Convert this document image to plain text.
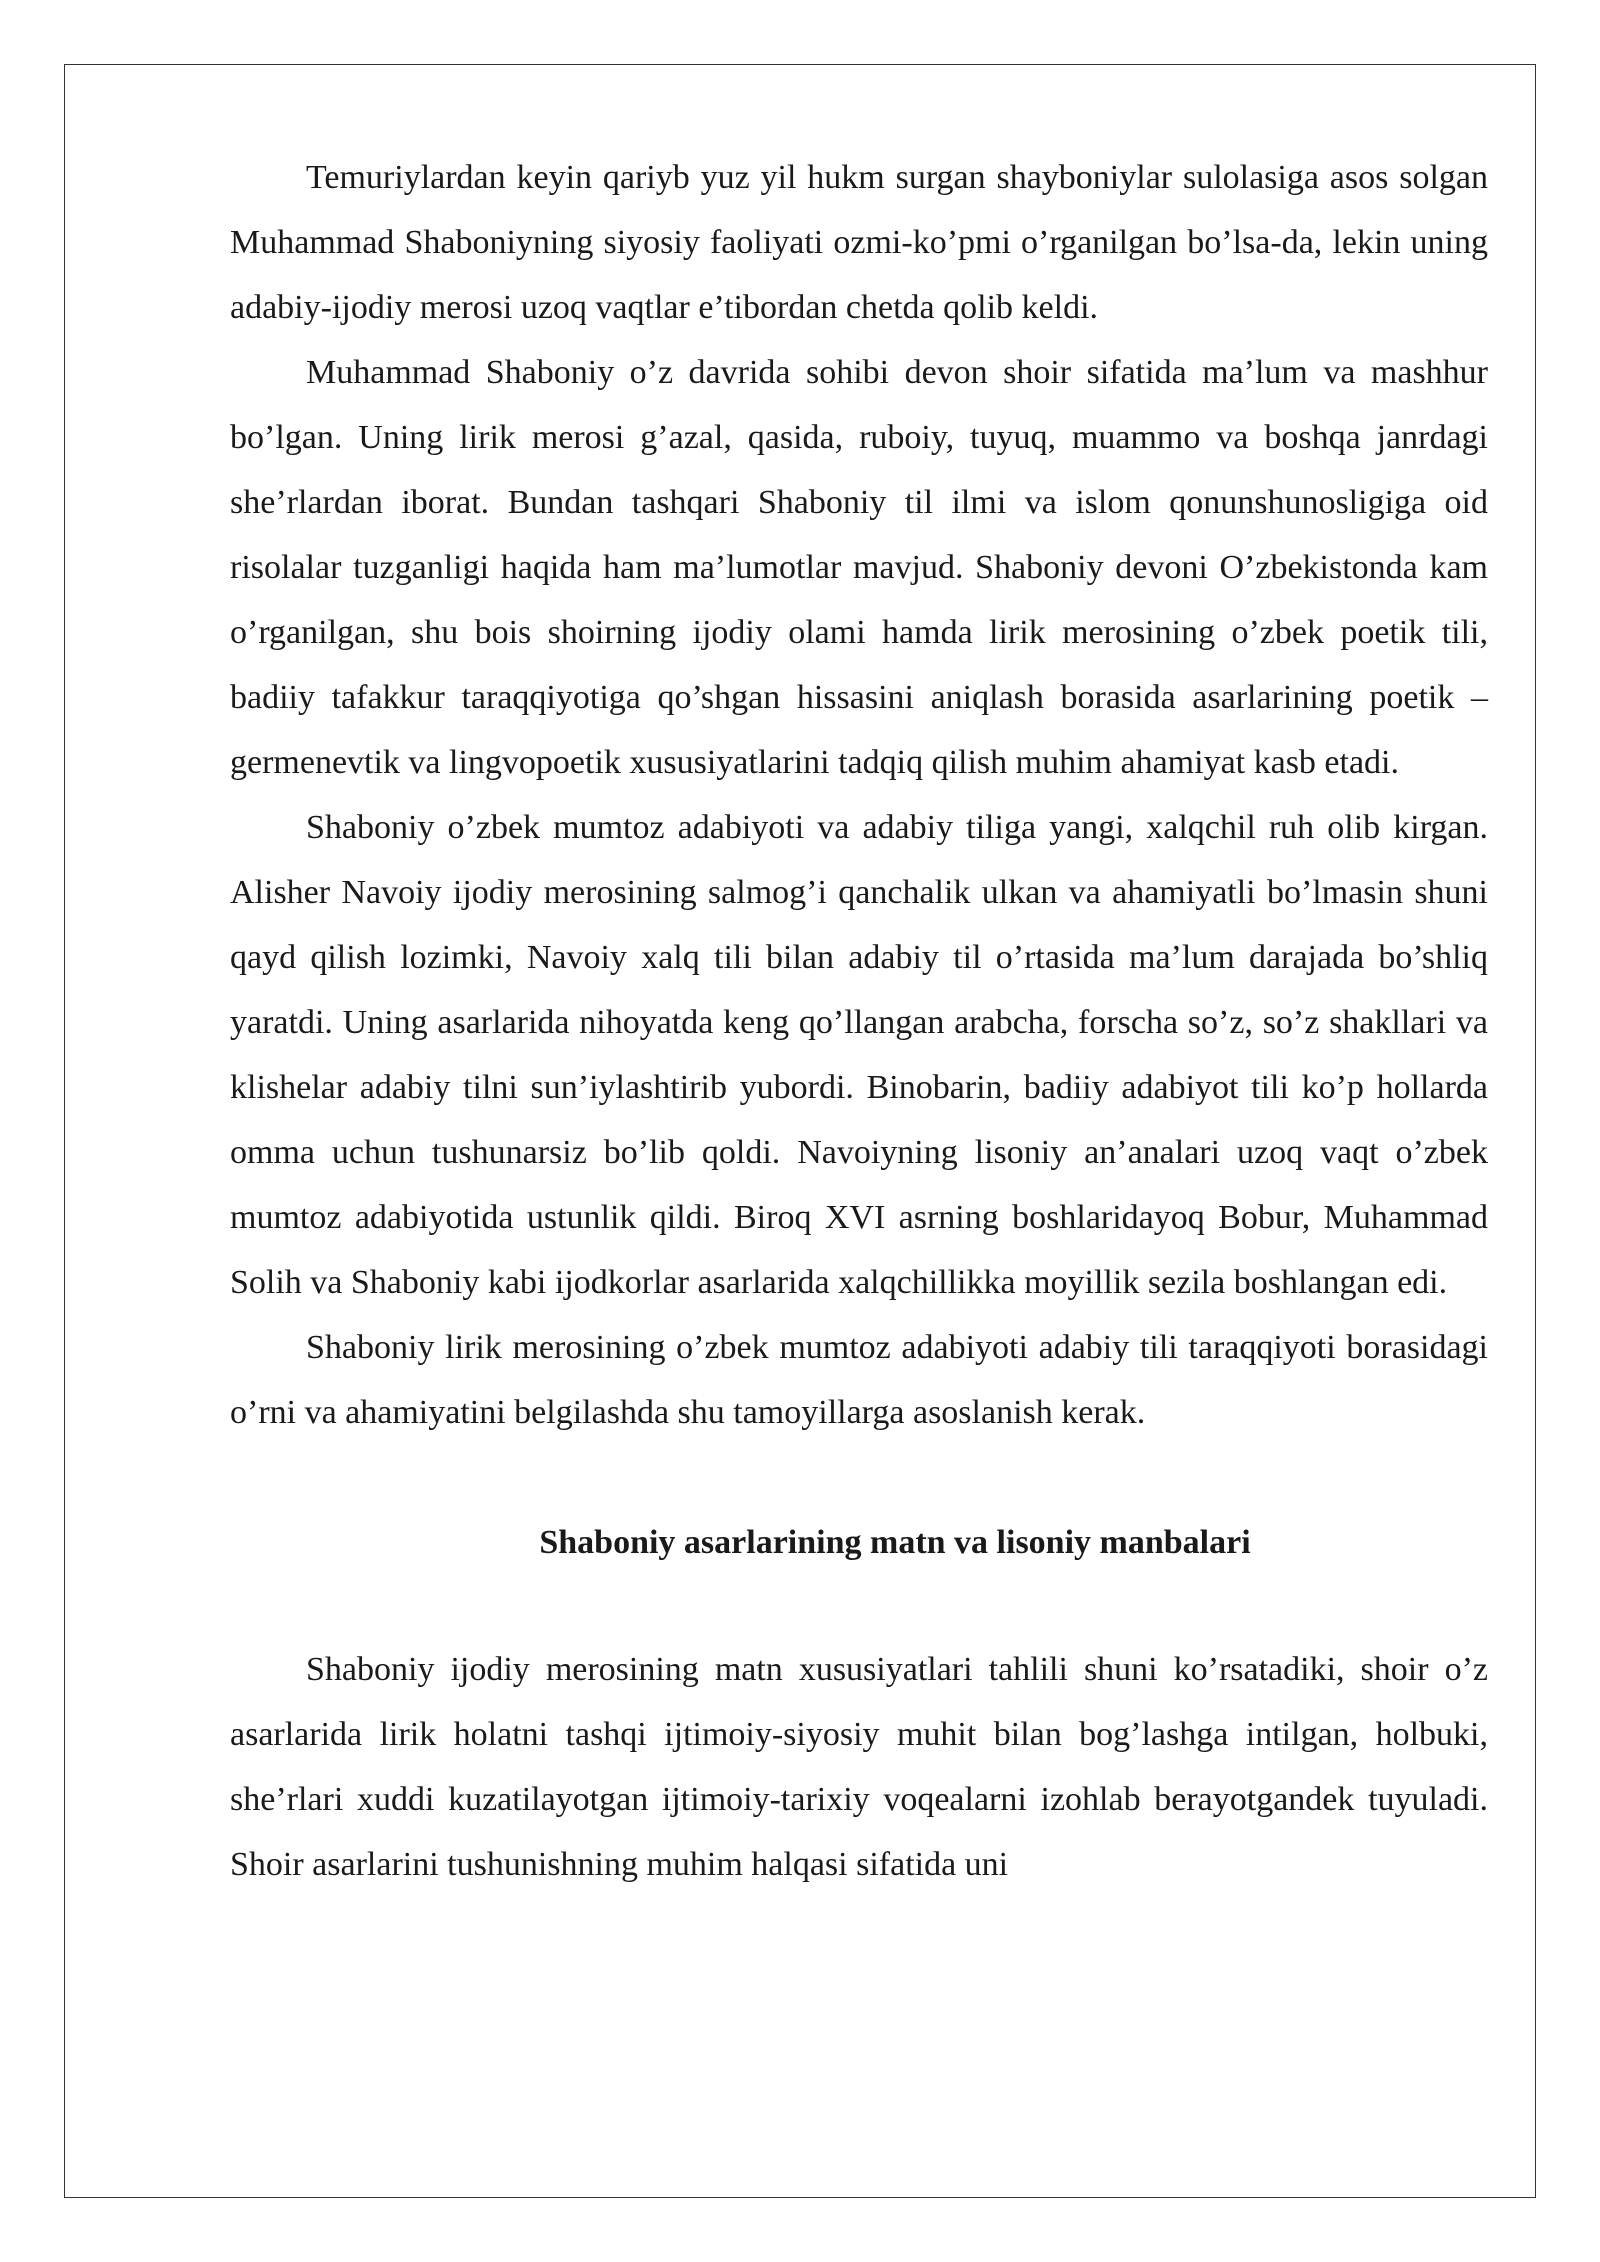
Temuriylardan keyin qariyb yuz yil hukm surgan shayboniylar sulolasiga asos solgan Muhammad Shaboniyning siyosiy faoliyati ozmi-ko’pmi o’rganilgan bo’lsa-da, lekin uning adabiy-ijodiy merosi uzoq vaqtlar e’tibordan chetda qolib keldi.

Muhammad Shaboniy o’z davrida sohibi devon shoir sifatida ma’lum va mashhur bo’lgan. Uning lirik merosi g’azal, qasida, ruboiy, tuyuq, muammo va boshqa janrdagi she’rlardan iborat. Bundan tashqari Shaboniy til ilmi va islom qonunshunosligiga oid risolalar tuzganligi haqida ham ma’lumotlar mavjud. Shaboniy devoni O’zbekistonda kam o’rganilgan, shu bois shoirning ijodiy olami hamda lirik merosining o’zbek poetik tili, badiiy tafakkur taraqqiyotiga qo’shgan hissasini aniqlash borasida asarlarining poetik – germenevtik va lingvopoetik xususiyatlarini tadqiq qilish muhim ahamiyat kasb etadi.

Shaboniy o’zbek mumtoz adabiyoti va adabiy tiliga yangi, xalqchil ruh olib kirgan. Alisher Navoiy ijodiy merosining salmog’i qanchalik ulkan va ahamiyatli bo’lmasin shuni qayd qilish lozimki, Navoiy xalq tili bilan adabiy til o’rtasida ma’lum darajada bo’shliq yaratdi. Uning asarlarida nihoyatda keng qo’llangan arabcha, forscha so’z, so’z shakllari va klishelar adabiy tilni sun’iylashtirib yubordi. Binobarin, badiiy adabiyot tili ko’p hollarda omma uchun tushunarsiz bo’lib qoldi. Navoiyning lisoniy an’analari uzoq vaqt o’zbek mumtoz adabiyotida ustunlik qildi. Biroq XVI asrning boshlaridayoq Bobur, Muhammad Solih va Shaboniy kabi ijodkorlar asarlarida xalqchillikka moyillik sezila boshlangan edi.

Shaboniy lirik merosining o’zbek mumtoz adabiyoti adabiy tili taraqqiyoti borasidagi o’rni va ahamiyatini belgilashda shu tamoyillarga asoslanish kerak.

Shaboniy asarlarining matn va lisoniy manbalari

Shaboniy ijodiy merosining matn xususiyatlari tahlili shuni ko’rsatadiki, shoir o’z asarlarida lirik holatni tashqi ijtimoiy-siyosiy muhit bilan bog’lashga intilgan, holbuki, she’rlari xuddi kuzatilayotgan ijtimoiy-tarixiy voqealarni izohlab berayotgandek tuyuladi. Shoir asarlarini tushunishning muhim halqasi sifatida uni
